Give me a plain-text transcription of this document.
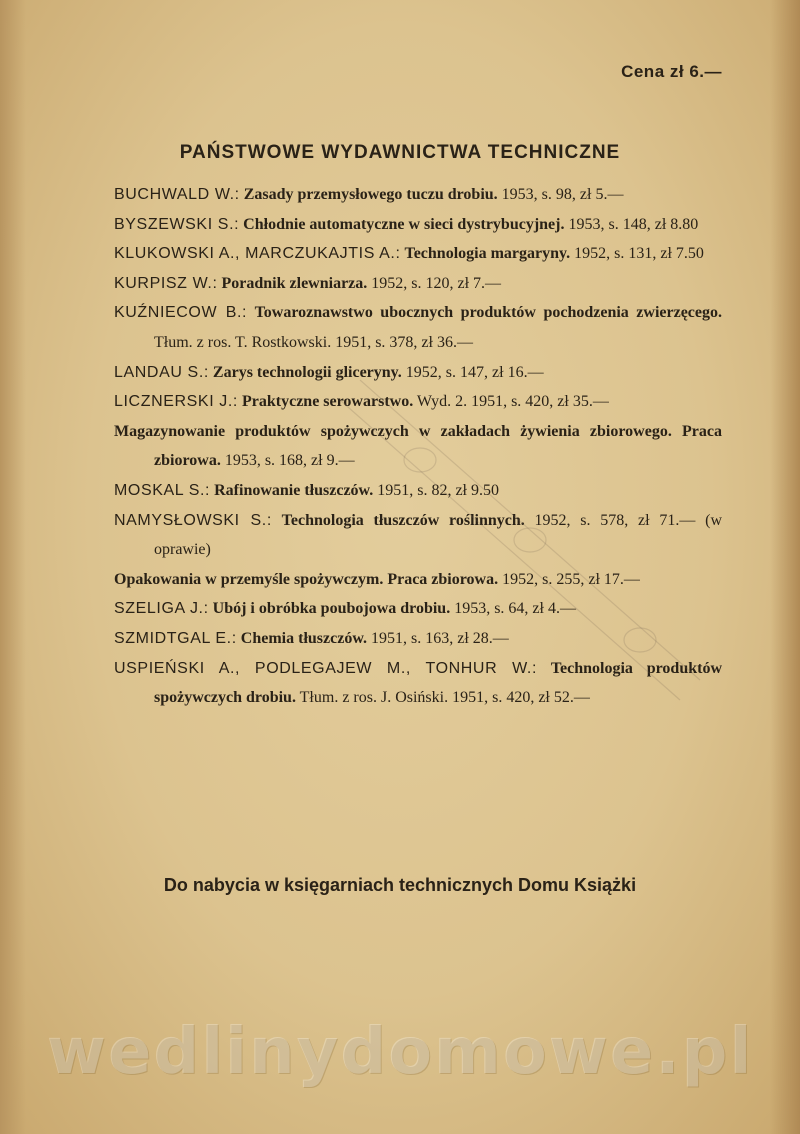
Cena zł 6.—
PAŃSTWOWE WYDAWNICTWA TECHNICZNE
BUCHWALD W.: Zasady przemysłowego tuczu drobiu. 1953, s. 98, zł 5.—
BYSZEWSKI S.: Chłodnie automatyczne w sieci dystrybucyjnej. 1953, s. 148, zł 8.80
KLUKOWSKI A., MARCZUKAJTIS A.: Technologia margaryny. 1952, s. 131, zł 7.50
KURPISZ W.: Poradnik zlewniarza. 1952, s. 120, zł 7.—
KUŹNIECOW B.: Towaroznawstwo ubocznych produktów pochodzenia zwierzęcego. Tłum. z ros. T. Rostkowski. 1951, s. 378, zł 36.—
LANDAU S.: Zarys technologii gliceryny. 1952, s. 147, zł 16.—
LICZNERSKI J.: Praktyczne serowarstwo. Wyd. 2. 1951, s. 420, zł 35.—
Magazynowanie produktów spożywczych w zakładach żywienia zbiorowego. Praca zbiorowa. 1953, s. 168, zł 9.—
MOSKAL S.: Rafinowanie tłuszczów. 1951, s. 82, zł 9.50
NAMYSŁOWSKI S.: Technologia tłuszczów roślinnych. 1952, s. 578, zł 71.— (w oprawie)
Opakowania w przemyśle spożywczym. Praca zbiorowa. 1952, s. 255, zł 17.—
SZELIGA J.: Ubój i obróbka poubojowa drobiu. 1953, s. 64, zł 4.—
SZMIDTGAL E.: Chemia tłuszczów. 1951, s. 163, zł 28.—
USPIEŃSKI A., PODLEGAJEW M., TONHUR W.: Technologia produktów spożywczych drobiu. Tłum. z ros. J. Osiński. 1951, s. 420, zł 52.—
Do nabycia w księgarniach technicznych Domu Książki
wedlinydomowe.pl
